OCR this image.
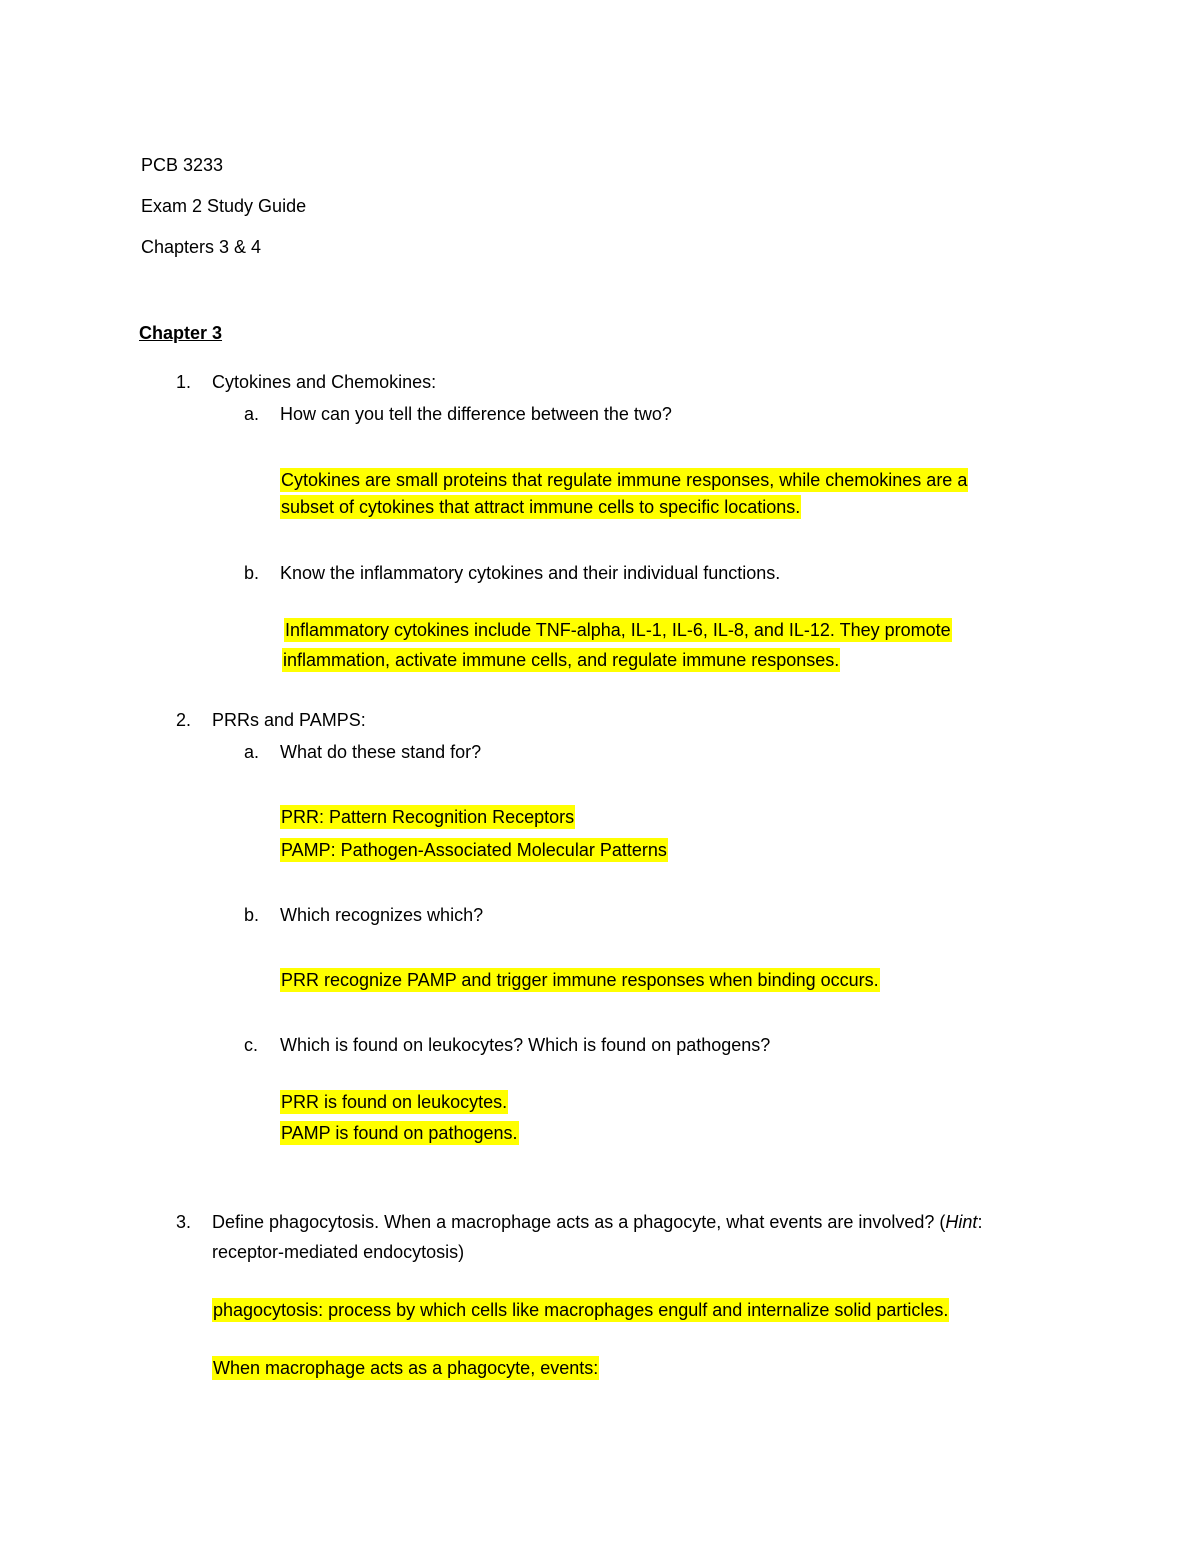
PCB 3233
Exam 2 Study Guide
Chapters 3 & 4
Chapter 3
1. Cytokines and Chemokines:
a. How can you tell the difference between the two?
Cytokines are small proteins that regulate immune responses, while chemokines are a
subset of cytokines that attract immune cells to specific locations.
b. Know the inflammatory cytokines and their individual functions.
Inflammatory cytokines include TNF-alpha, IL-1, IL-6, IL-8, and IL-12. They promote
inflammation, activate immune cells, and regulate immune responses.
2. PRRs and PAMPS:
a. What do these stand for?
PRR: Pattern Recognition Receptors
PAMP: Pathogen-Associated Molecular Patterns
b. Which recognizes which?
PRR recognize PAMP and trigger immune responses when binding occurs.
c. Which is found on leukocytes? Which is found on pathogens?
PRR is found on leukocytes.
PAMP is found on pathogens.
3. Define phagocytosis. When a macrophage acts as a phagocyte, what events are involved? (Hint:
receptor-mediated endocytosis)
phagocytosis: process by which cells like macrophages engulf and internalize solid particles.
When macrophage acts as a phagocyte, events:
